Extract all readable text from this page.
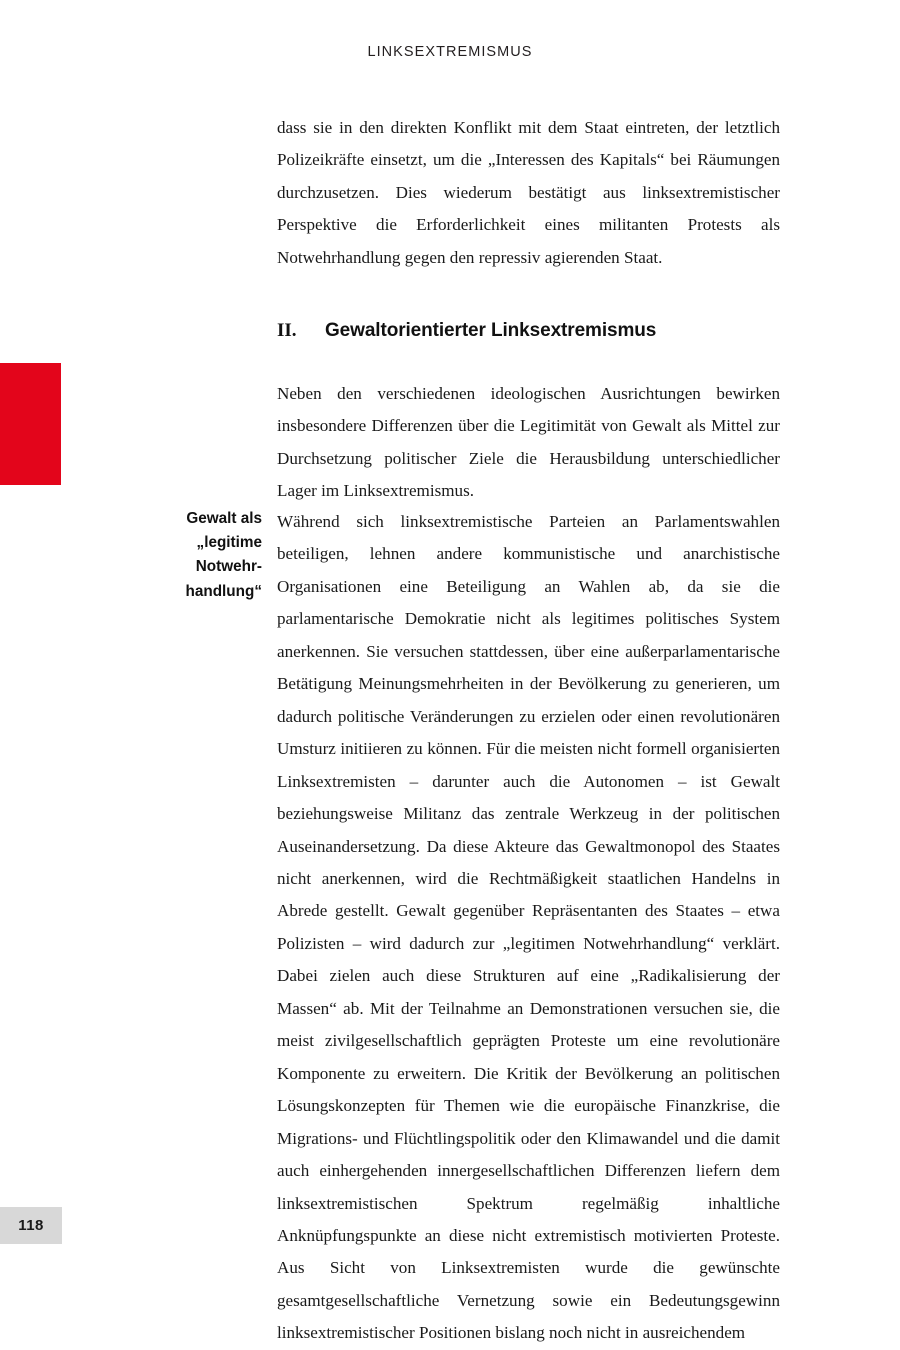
LINKSEXTREMISMUS

dass sie in den direkten Konflikt mit dem Staat eintreten, der letztlich Polizeikräfte einsetzt, um die „Interessen des Kapitals“ bei Räumungen durchzusetzen. Dies wiederum bestätigt aus linksextremistischer Perspektive die Erforderlichkeit eines militanten Protests als Notwehrhandlung gegen den repressiv agierenden Staat.

II.	Gewaltorientierter Linksextremismus

Neben den verschiedenen ideologischen Ausrichtungen bewirken insbesondere Differenzen über die Legitimität von Gewalt als Mittel zur Durchsetzung politischer Ziele die Herausbildung unterschiedlicher Lager im Linksextremismus.

Gewalt als
„legitime
Notwehr-
handlung“

Während sich linksextremistische Parteien an Parlamentswahlen beteiligen, lehnen andere kommunistische und anarchistische Organisationen eine Beteiligung an Wahlen ab, da sie die parlamentarische Demokratie nicht als legitimes politisches System anerkennen. Sie versuchen stattdessen, über eine außerparlamentarische Betätigung Meinungsmehrheiten in der Bevölkerung zu generieren, um dadurch politische Veränderungen zu erzielen oder einen revolutionären Umsturz initiieren zu können. Für die meisten nicht formell organisierten Linksextremisten – darunter auch die Autonomen – ist Gewalt beziehungsweise Militanz das zentrale Werkzeug in der politischen Auseinandersetzung. Da diese Akteure das Gewaltmonopol des Staates nicht anerkennen, wird die Rechtmäßigkeit staatlichen Handelns in Abrede gestellt. Gewalt gegenüber Repräsentanten des Staates – etwa Polizisten – wird dadurch zur „legitimen Notwehrhandlung“ verklärt. Dabei zielen auch diese Strukturen auf eine „Radikalisierung der Massen“ ab. Mit der Teilnahme an Demonstrationen versuchen sie, die meist zivilgesellschaftlich geprägten Proteste um eine revolutionäre Komponente zu erweitern. Die Kritik der Bevölkerung an politischen Lösungskonzepten für Themen wie die europäische Finanzkrise, die Migrations- und Flüchtlingspolitik oder den Klimawandel und die damit auch einhergehenden innergesellschaftlichen Differenzen liefern dem linksextremistischen Spektrum regelmäßig inhaltliche Anknüpfungspunkte an diese nicht extremistisch motivierten Proteste. Aus Sicht von Linksextremisten wurde die gewünschte gesamtgesellschaftliche Vernetzung sowie ein Bedeutungsgewinn linksextremistischer Positionen bislang noch nicht in ausreichendem

118
